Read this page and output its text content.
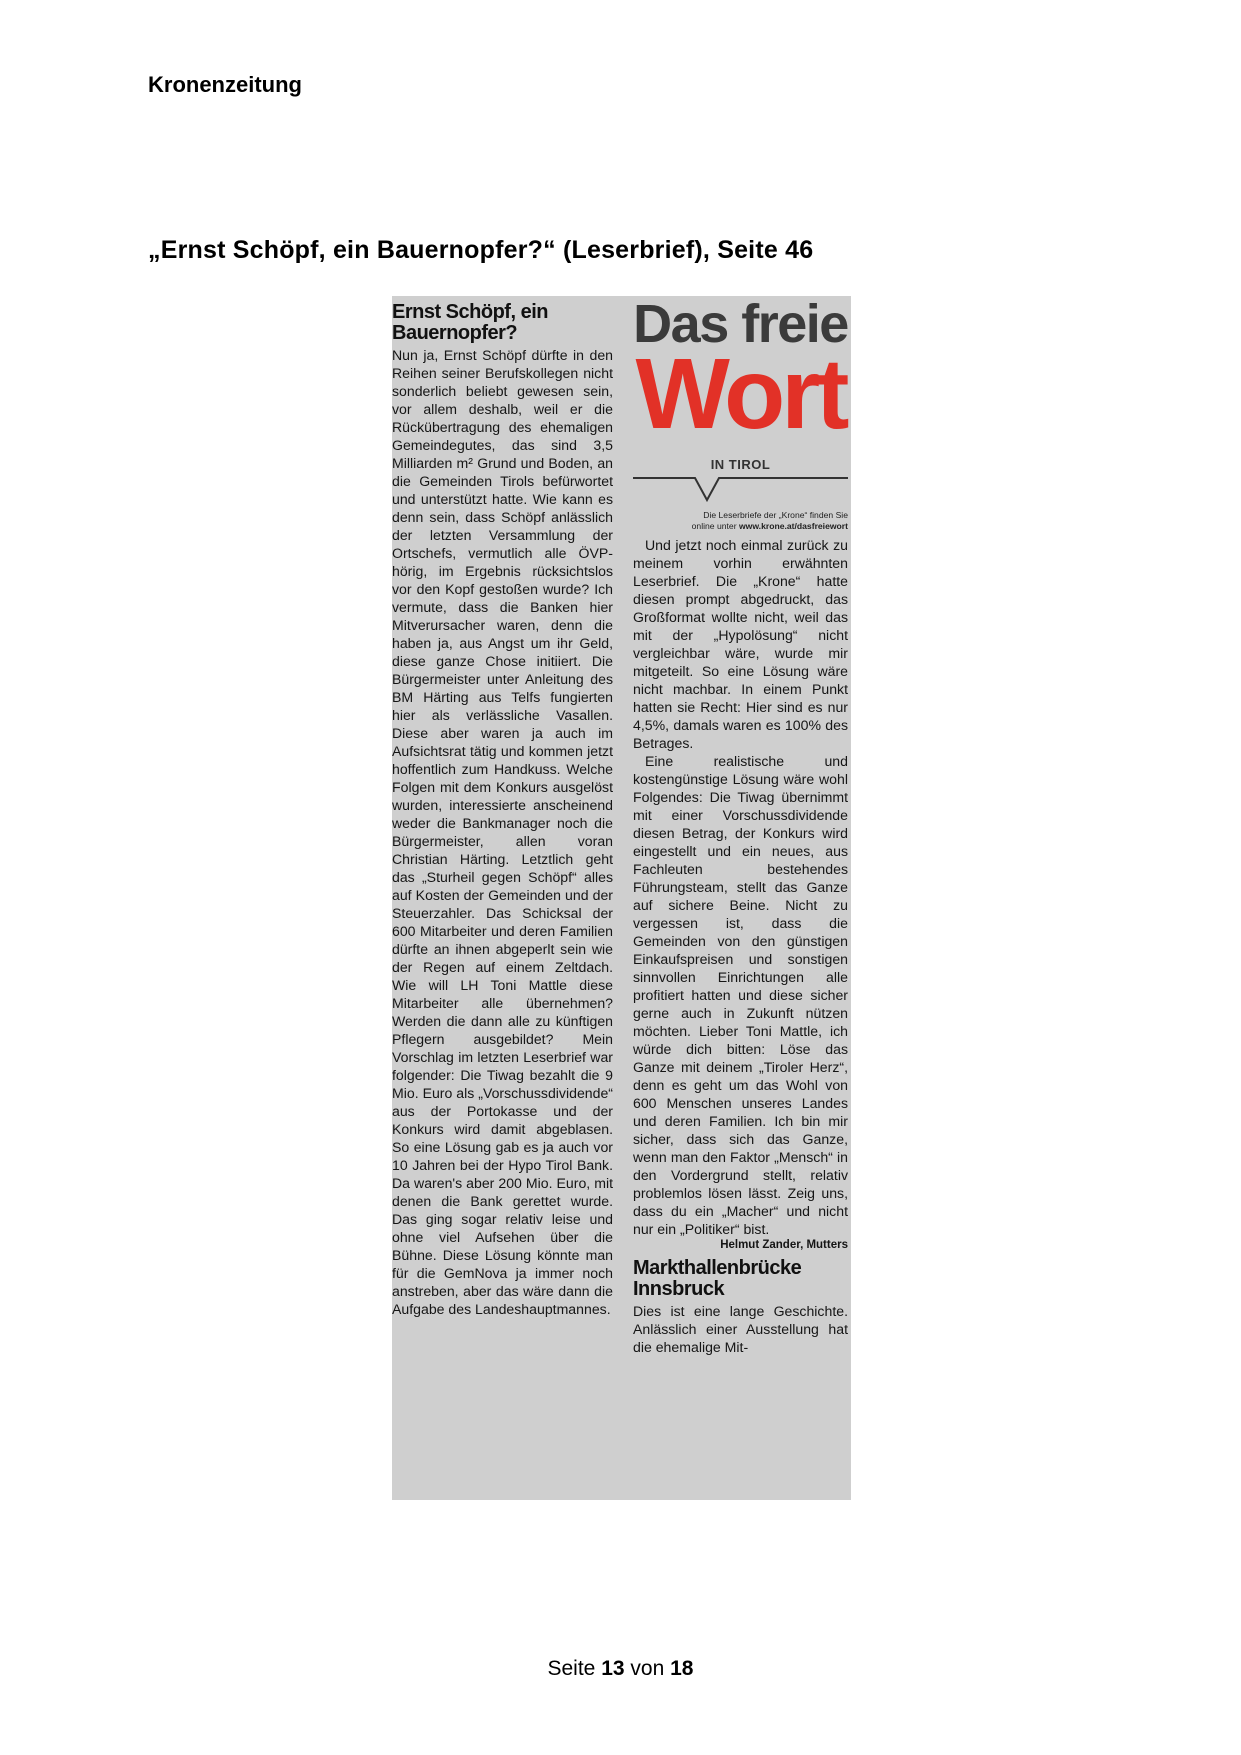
Kronenzeitung
„Ernst Schöpf, ein Bauernopfer?“ (Leserbrief), Seite 46
Ernst Schöpf, ein
Bauernopfer?

Nun ja, Ernst Schöpf dürfte in den Reihen seiner Berufskollegen nicht sonderlich beliebt gewesen sein, vor allem deshalb, weil er die Rückübertragung des ehemaligen Gemeindegutes, das sind 3,5 Milliarden m² Grund und Boden, an die Gemeinden Tirols befürwortet und unterstützt hatte. Wie kann es denn sein, dass Schöpf anlässlich der letzten Versammlung der Ortschefs, vermutlich alle ÖVP-hörig, im Ergebnis rücksichtslos vor den Kopf gestoßen wurde? Ich vermute, dass die Banken hier Mitverursacher waren, denn die haben ja, aus Angst um ihr Geld, diese ganze Chose initiiert. Die Bürgermeister unter Anleitung des BM Härting aus Telfs fungierten hier als verlässliche Vasallen. Diese aber waren ja auch im Aufsichtsrat tätig und kommen jetzt hoffentlich zum Handkuss. Welche Folgen mit dem Konkurs ausgelöst wurden, interessierte anscheinend weder die Bankmanager noch die Bürgermeister, allen voran Christian Härting. Letztlich geht das „Sturheil gegen Schöpf“ alles auf Kosten der Gemeinden und der Steuerzahler. Das Schicksal der 600 Mitarbeiter und deren Familien dürfte an ihnen abgeperlt sein wie der Regen auf einem Zeltdach. Wie will LH Toni Mattle diese Mitarbeiter alle übernehmen? Werden die dann alle zu künftigen Pflegern ausgebildet? Mein Vorschlag im letzten Leserbrief war folgender: Die Tiwag bezahlt die 9 Mio. Euro als „Vorschussdividende“ aus der Portokasse und der Konkurs wird damit abgeblasen. So eine Lösung gab es ja auch vor 10 Jahren bei der Hypo Tirol Bank. Da waren's aber 200 Mio. Euro, mit denen die Bank gerettet wurde. Das ging sogar relativ leise und ohne viel Aufsehen über die Bühne. Diese Lösung könnte man für die GemNova ja immer noch anstreben, aber das wäre dann die Aufgabe des Landeshauptmannes.

Das freie
Wort
IN TIROL
Die Leserbriefe der „Krone“ finden Sie
online unter www.krone.at/dasfreiewort

Und jetzt noch einmal zurück zu meinem vorhin erwähnten Leserbrief. Die „Krone“ hatte diesen prompt abgedruckt, das Großformat wollte nicht, weil das mit der „Hypolösung“ nicht vergleichbar wäre, wurde mir mitgeteilt. So eine Lösung wäre nicht machbar. In einem Punkt hatten sie Recht: Hier sind es nur 4,5%, damals waren es 100% des Betrages.

Eine realistische und kostengünstige Lösung wäre wohl Folgendes: Die Tiwag übernimmt mit einer Vorschussdividende diesen Betrag, der Konkurs wird eingestellt und ein neues, aus Fachleuten bestehendes Führungsteam, stellt das Ganze auf sichere Beine. Nicht zu vergessen ist, dass die Gemeinden von den günstigen Einkaufspreisen und sonstigen sinnvollen Einrichtungen alle profitiert hatten und diese sicher gerne auch in Zukunft nützen möchten. Lieber Toni Mattle, ich würde dich bitten: Löse das Ganze mit deinem „Tiroler Herz“, denn es geht um das Wohl von 600 Menschen unseres Landes und deren Familien. Ich bin mir sicher, dass sich das Ganze, wenn man den Faktor „Mensch“ in den Vordergrund stellt, relativ problemlos lösen lässt. Zeig uns, dass du ein „Macher“ und nicht nur ein „Politiker“ bist.

Helmut Zander, Mutters
Markthallenbrücke
Innsbruck

Dies ist eine lange Geschichte. Anlässlich einer Ausstellung hat die ehemalige Mit-

Seite 13 von 18
